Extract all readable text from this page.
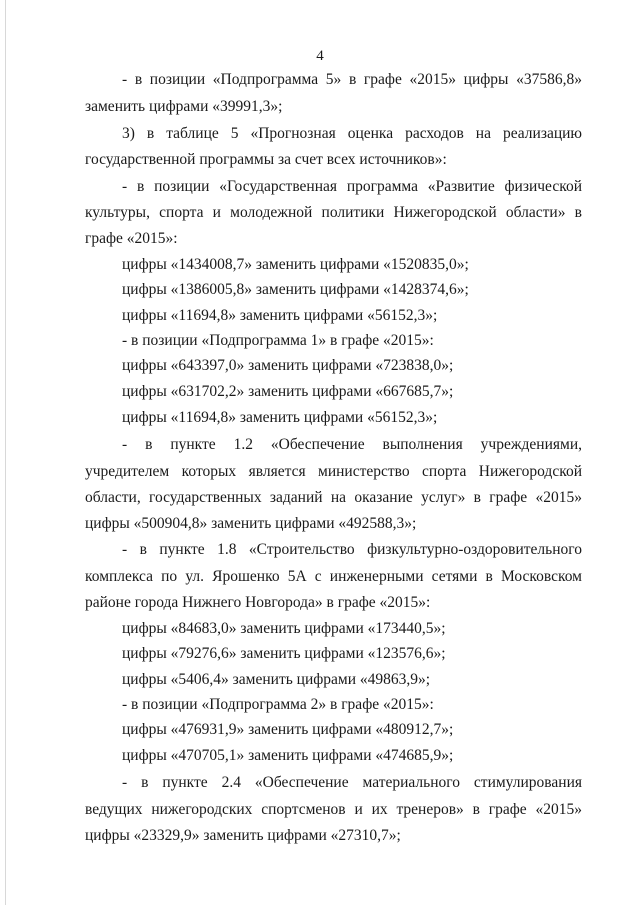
4
- в позиции «Подпрограмма 5» в графе «2015» цифры «37586,8»
заменить цифрами «39991,3»;
3) в таблице 5 «Прогнозная оценка расходов на реализацию
государственной программы за счет всех источников»:
- в позиции «Государственная программа «Развитие физической
культуры, спорта и молодежной политики Нижегородской области» в
графе «2015»:
цифры «1434008,7» заменить цифрами «1520835,0»;
цифры «1386005,8» заменить цифрами «1428374,6»;
цифры «11694,8» заменить цифрами «56152,3»;
- в позиции «Подпрограмма 1» в графе «2015»:
цифры «643397,0» заменить цифрами «723838,0»;
цифры «631702,2» заменить цифрами «667685,7»;
цифры «11694,8» заменить цифрами «56152,3»;
- в пункте 1.2 «Обеспечение выполнения учреждениями,
учредителем которых является министерство спорта Нижегородской
области, государственных заданий на оказание услуг» в графе «2015»
цифры «500904,8» заменить цифрами «492588,3»;
- в пункте 1.8 «Строительство физкультурно-оздоровительного
комплекса по ул. Ярошенко 5А с инженерными сетями в Московском
районе города Нижнего Новгорода» в графе «2015»:
цифры «84683,0» заменить цифрами «173440,5»;
цифры «79276,6» заменить цифрами «123576,6»;
цифры «5406,4» заменить цифрами «49863,9»;
- в позиции «Подпрограмма 2» в графе «2015»:
цифры «476931,9» заменить цифрами «480912,7»;
цифры «470705,1» заменить цифрами «474685,9»;
- в пункте 2.4 «Обеспечение материального стимулирования
ведущих нижегородских спортсменов и их тренеров» в графе «2015»
цифры «23329,9» заменить цифрами «27310,7»;
